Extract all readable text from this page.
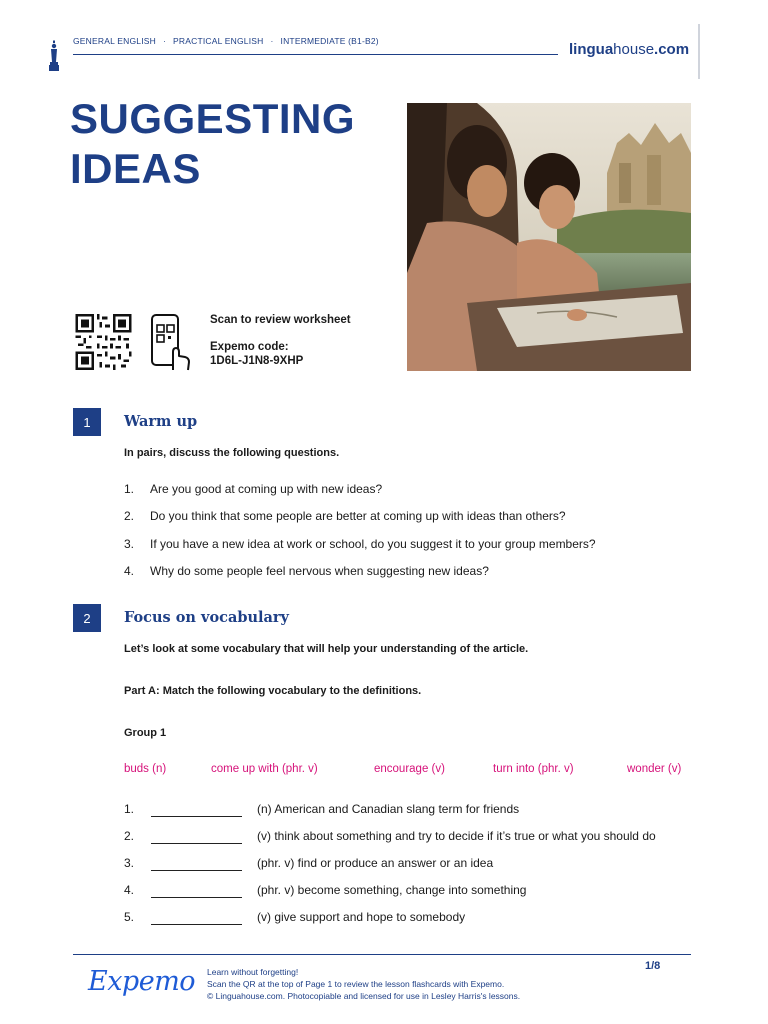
GENERAL ENGLISH · PRACTICAL ENGLISH · INTERMEDIATE (B1-B2)	linguahouse.com
SUGGESTING
IDEAS
Scan to review worksheet
Expemo code:
1D6L-J1N8-9XHP
1	Warm up
In pairs, discuss the following questions.
1. Are you good at coming up with new ideas?
2. Do you think that some people are better at coming up with ideas than others?
3. If you have a new idea at work or school, do you suggest it to your group members?
4. Why do some people feel nervous when suggesting new ideas?
2	Focus on vocabulary
Let’s look at some vocabulary that will help your understanding of the article.
Part A: Match the following vocabulary to the definitions.
Group 1
buds (n)	come up with (phr. v)	encourage (v)	turn into (phr. v)	wonder (v)
1.	(n) American and Canadian slang term for friends
2.	(v) think about something and try to decide if it’s true or what you should do
3.	(phr. v) find or produce an answer or an idea
4.	(phr. v) become something, change into something
5.	(v) give support and hope to somebody
Expemo Learn without forgetting!
Scan the QR at the top of Page 1 to review the lesson flashcards with Expemo.
© Linguahouse.com. Photocopiable and licensed for use in Lesley Harris's lessons.
1/8
